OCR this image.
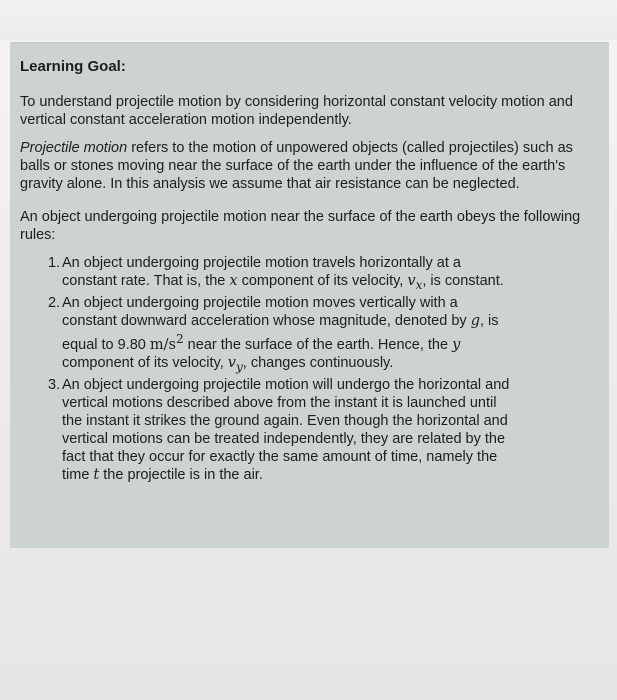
Learning Goal:

To understand projectile motion by considering horizontal constant velocity motion and vertical constant acceleration motion independently.

Projectile motion refers to the motion of unpowered objects (called projectiles) such as balls or stones moving near the surface of the earth under the influence of the earth's gravity alone. In this analysis we assume that air resistance can be neglected.

An object undergoing projectile motion near the surface of the earth obeys the following rules:

1. An object undergoing projectile motion travels horizontally at a constant rate. That is, the x component of its velocity, $v_x$, is constant.
2. An object undergoing projectile motion moves vertically with a constant downward acceleration whose magnitude, denoted by g, is equal to 9.80 $m/s^2$ near the surface of the earth. Hence, the y component of its velocity, $v_y$, changes continuously.
3. An object undergoing projectile motion will undergo the horizontal and vertical motions described above from the instant it is launched until the instant it strikes the ground again. Even though the horizontal and vertical motions can be treated independently, they are related by the fact that they occur for exactly the same amount of time, namely the time t the projectile is in the air.
